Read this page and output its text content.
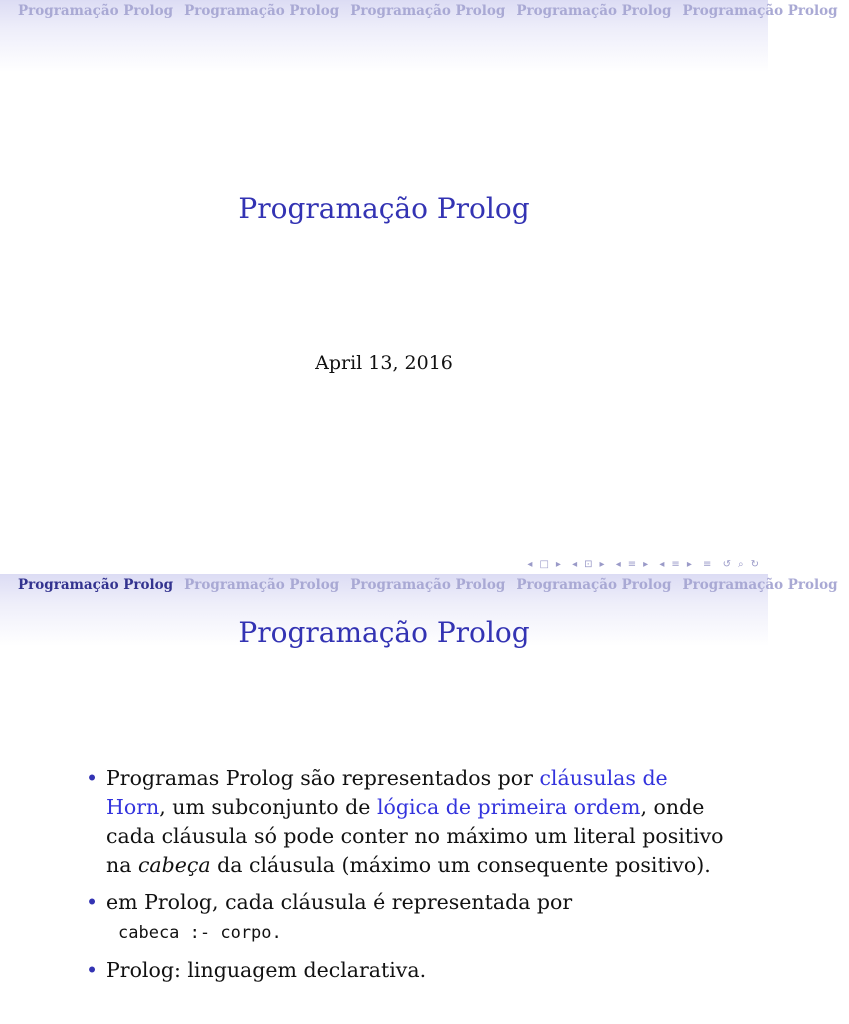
Programação Prolog Programação Prolog Programação Prolog Programação Prolog Programação Prolog
Programação Prolog
April 13, 2016
◂ □ ▸ ◂ ⊡ ▸ ◂ ≡ ▸ ◂ ≡ ▸ ≡ ↺ ⌕ ↻
Programação Prolog Programação Prolog Programação Prolog Programação Prolog Programação Prolog
Programação Prolog
• Programas Prolog são representados por cláusulas de Horn, um subconjunto de lógica de primeira ordem, onde cada cláusula só pode conter no máximo um literal positivo na cabeça da cláusula (máximo um consequente positivo).
• em Prolog, cada cláusula é representada por
cabeca :- corpo.
• Prolog: linguagem declarativa.
